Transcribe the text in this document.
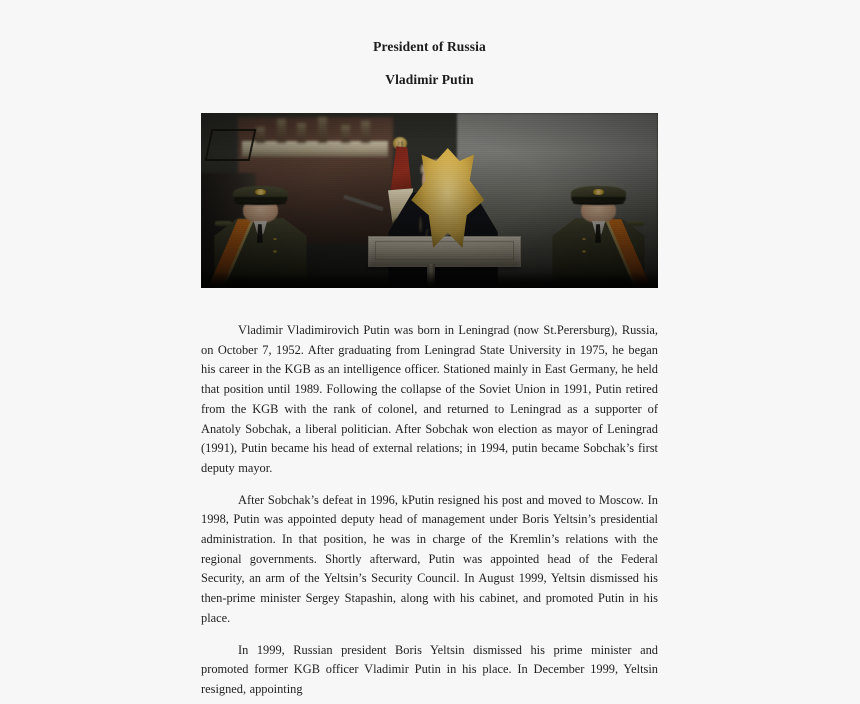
President of Russia
Vladimir Putin

Vladimir Vladimirovich Putin was born in Leningrad (now St.Perersburg), Russia, on October 7, 1952. After graduating from Leningrad State University in 1975, he began his career in the KGB as an intelligence officer. Stationed mainly in East Germany, he held that position until 1989. Following the collapse of the Soviet Union in 1991, Putin retired from the KGB with the rank of colonel, and returned to Leningrad as a supporter of Anatoly Sobchak, a liberal politician. After Sobchak won election as mayor of Leningrad (1991), Putin became his head of external relations; in 1994, putin became Sobchak’s first deputy mayor.

After Sobchak’s defeat in 1996, kPutin resigned his post and moved to Moscow. In 1998, Putin was appointed deputy head of management under Boris Yeltsin’s presidential administration. In that position, he was in charge of the Kremlin’s relations with the regional governments. Shortly afterward, Putin was appointed head of the Federal Security, an arm of the Yeltsin’s Security Council. In August 1999, Yeltsin dismissed his then-prime minister Sergey Stapashin, along with his cabinet, and promoted Putin in his place.

In 1999, Russian president Boris Yeltsin dismissed his prime minister and promoted former KGB officer Vladimir Putin in his place. In December 1999, Yeltsin resigned, appointing
